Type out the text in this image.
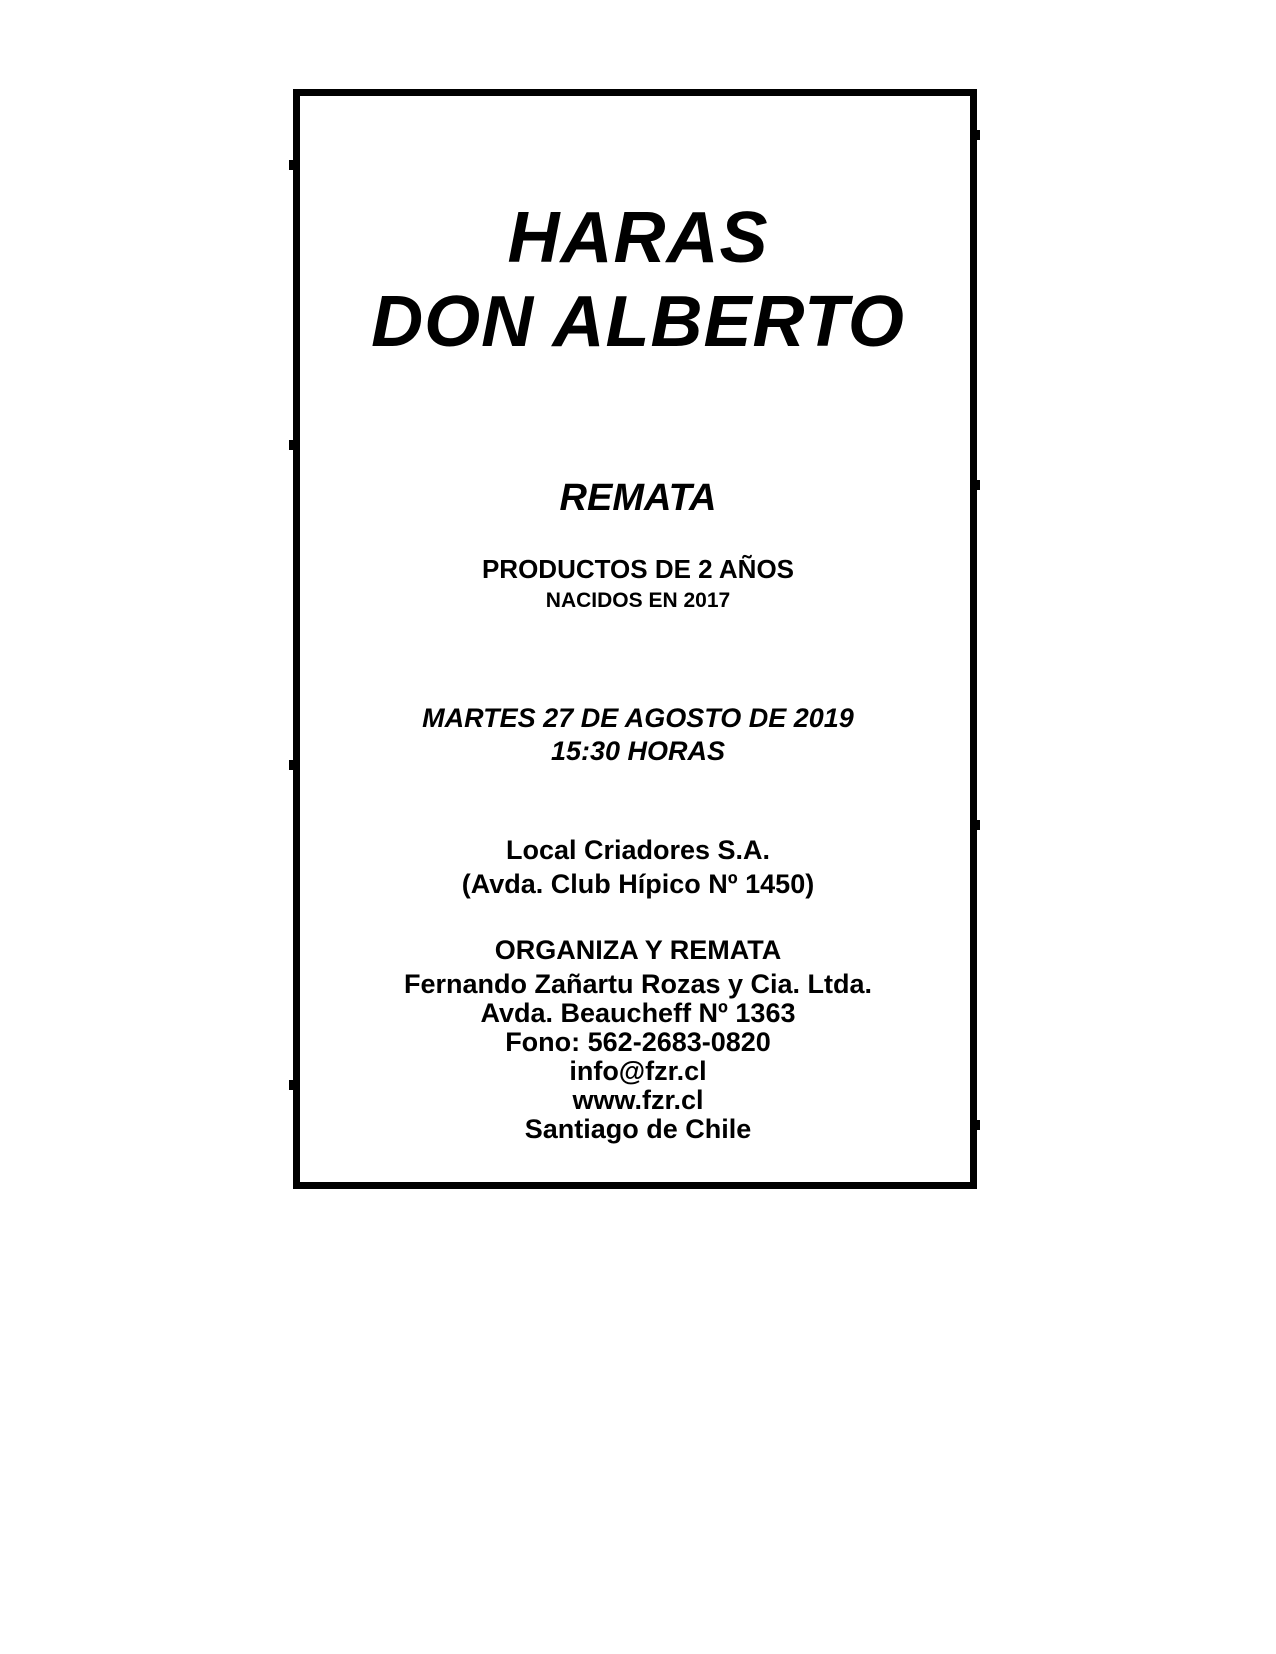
HARAS
DON ALBERTO
REMATA
PRODUCTOS DE 2 AÑOS
NACIDOS EN 2017
MARTES 27 DE AGOSTO DE 2019
15:30 HORAS
Local Criadores S.A.
(Avda. Club Hípico Nº 1450)
ORGANIZA Y REMATA
Fernando Zañartu Rozas y Cia. Ltda.
Avda. Beaucheff Nº 1363
Fono: 562-2683-0820
info@fzr.cl
www.fzr.cl
Santiago de Chile
